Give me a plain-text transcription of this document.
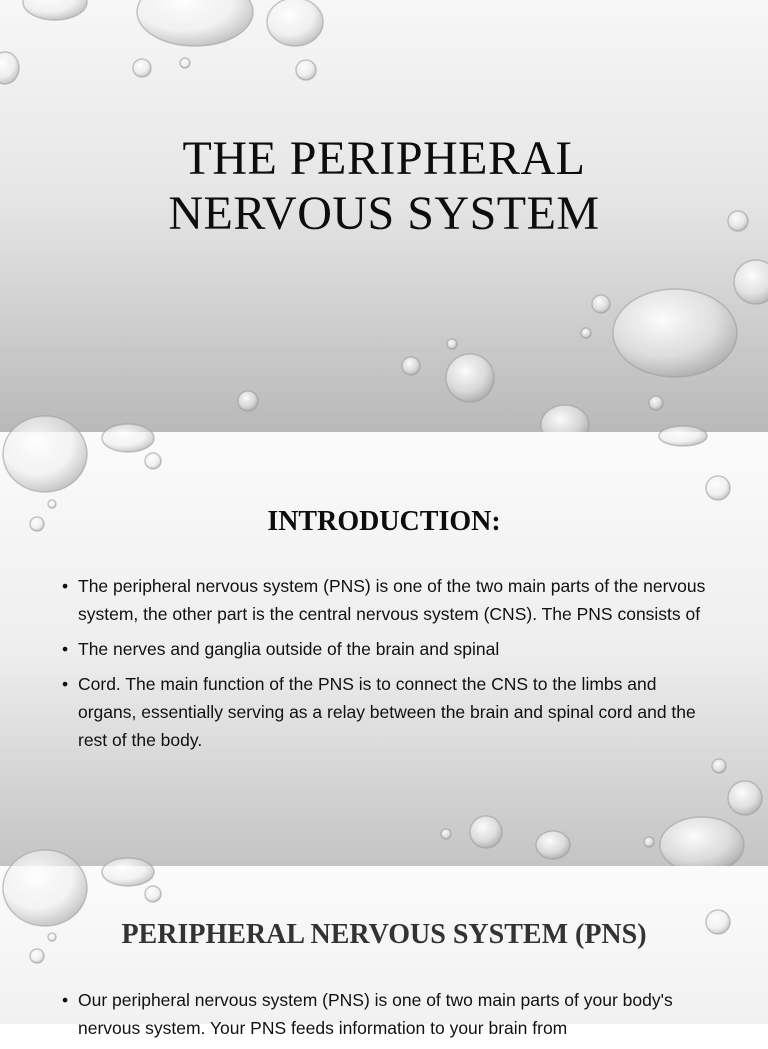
THE PERIPHERAL
NERVOUS SYSTEM
INTRODUCTION:
• The peripheral nervous system (PNS) is one of the two main parts of the nervous system, the other part is the central nervous system (CNS). The PNS consists of
• The nerves and ganglia outside of the brain and spinal
• Cord. The main function of the PNS is to connect the CNS to the limbs and organs, essentially serving as a relay between the brain and spinal cord and the rest of the body.
PERIPHERAL NERVOUS SYSTEM (PNS)
• Our peripheral nervous system (PNS) is one of two main parts of your body's nervous system. Your PNS feeds information to your brain from
